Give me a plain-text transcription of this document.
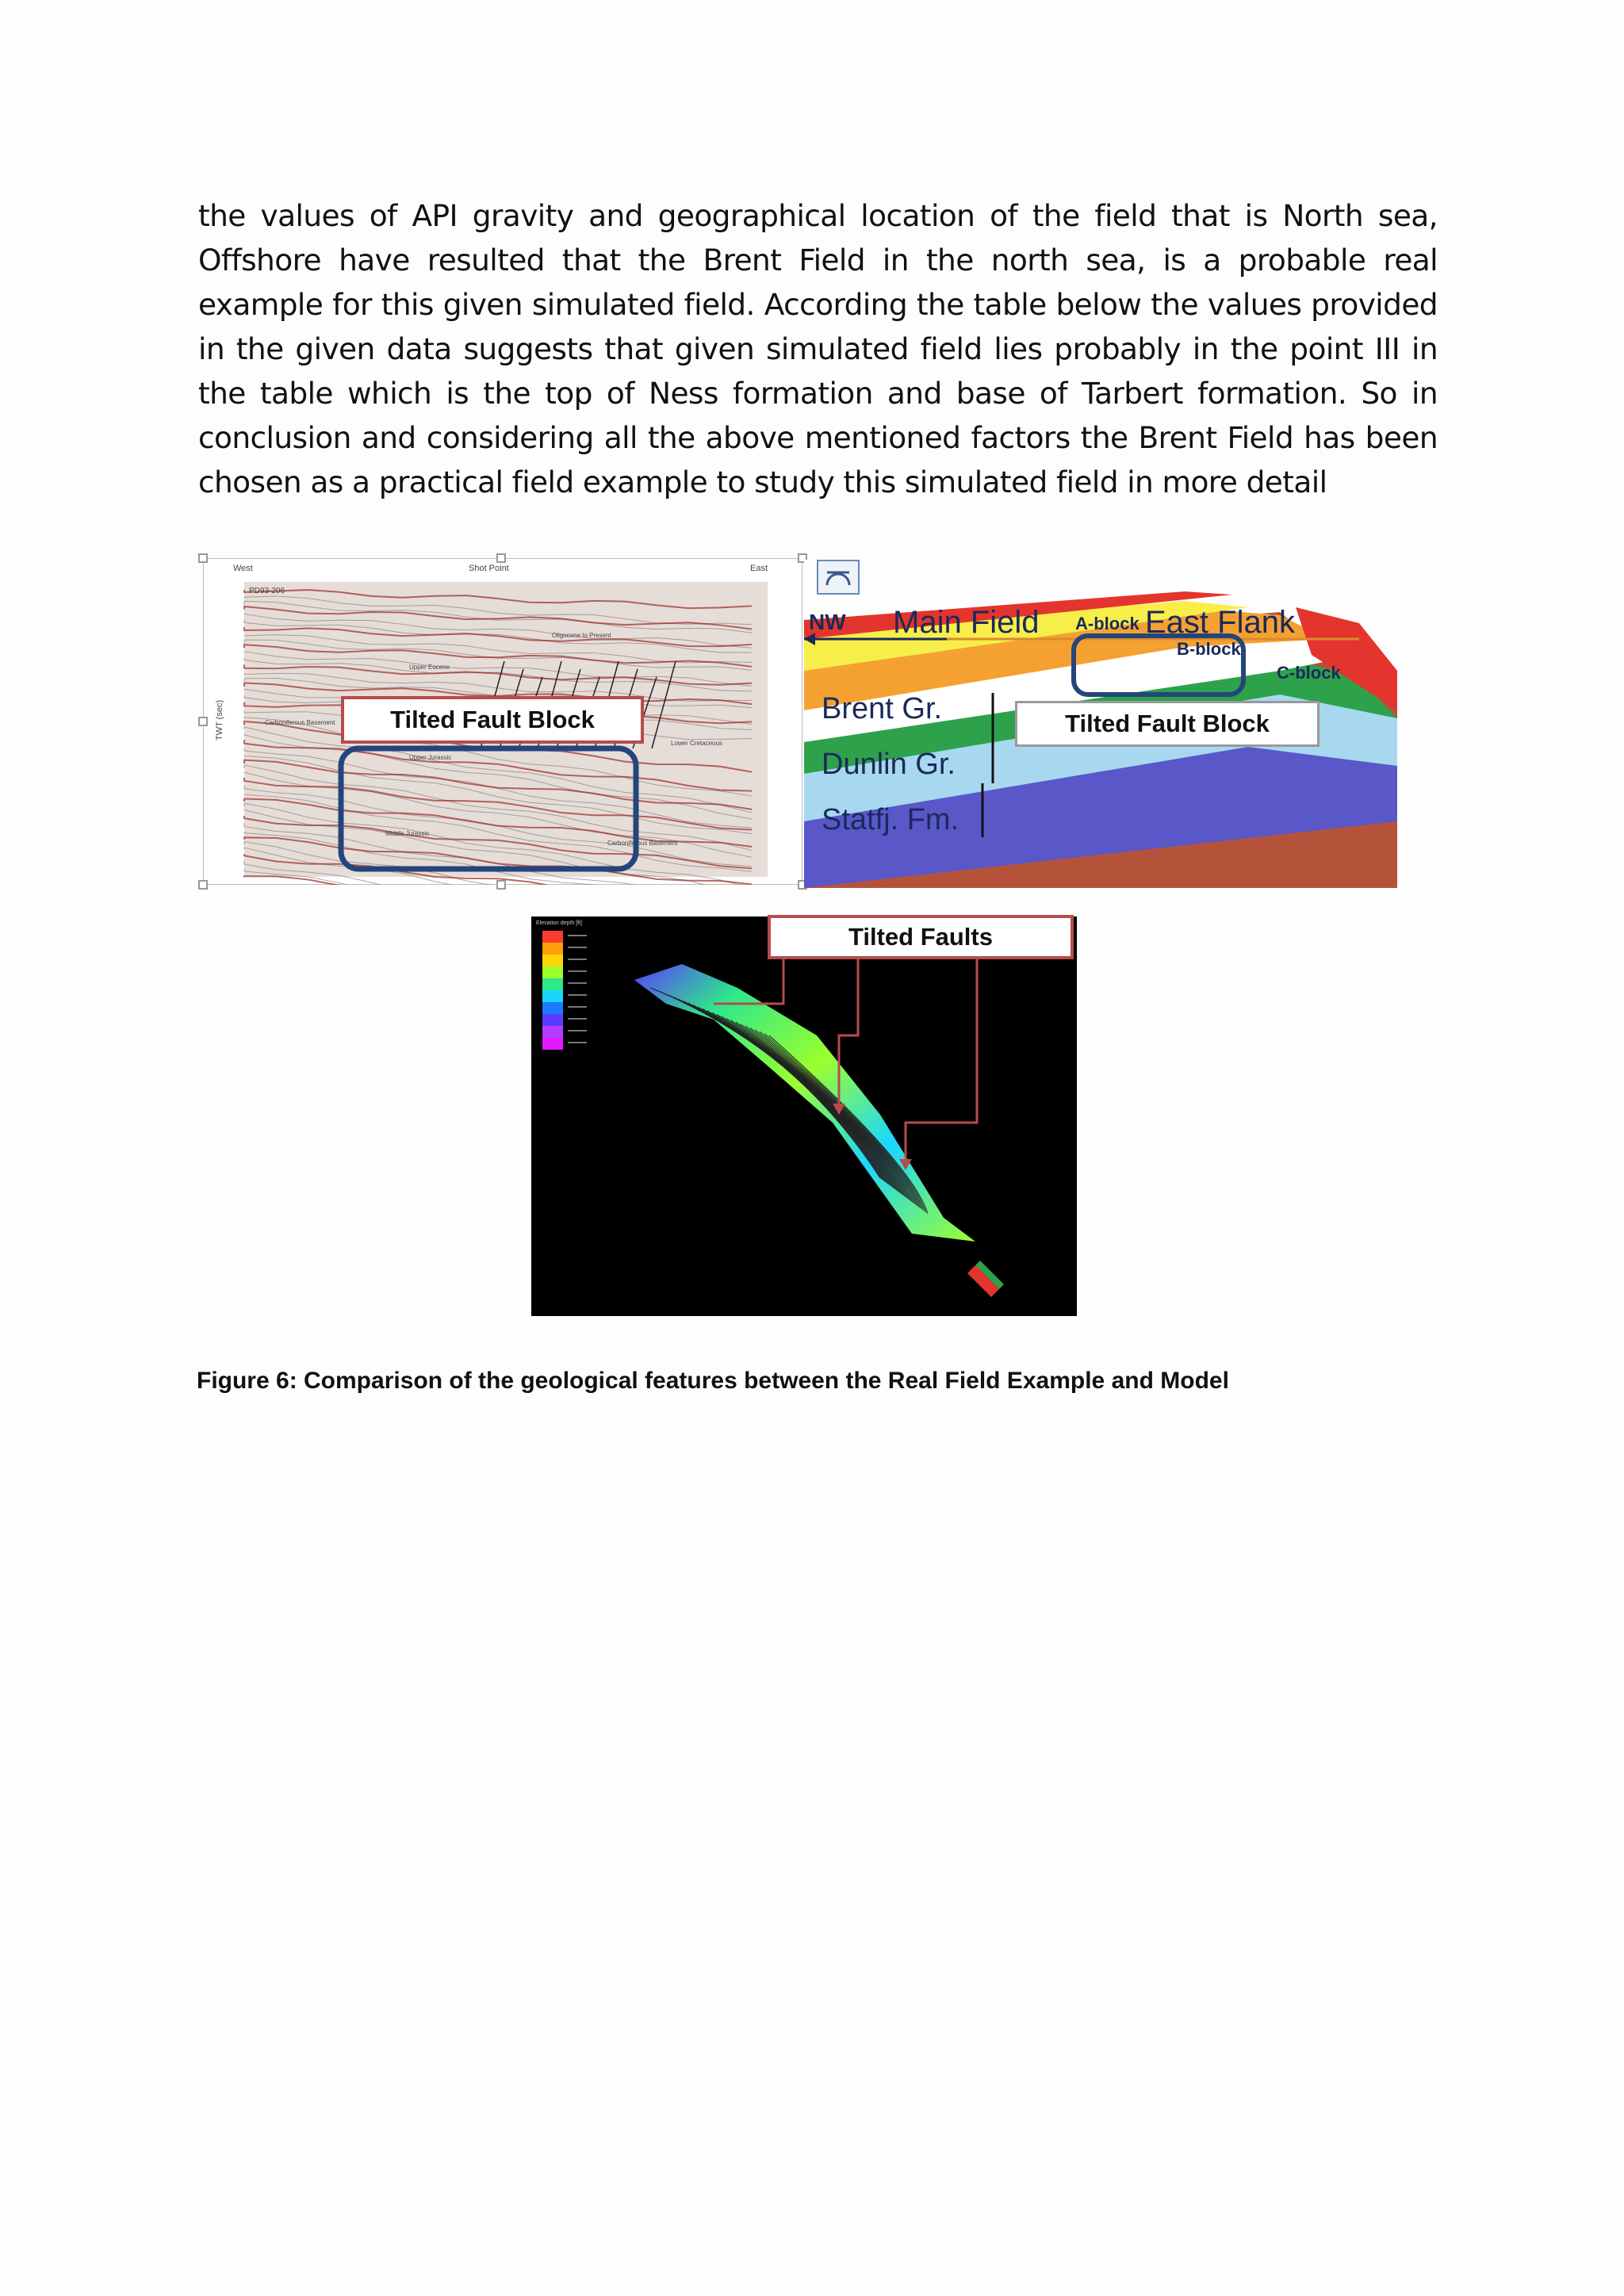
the values of API gravity and geographical location of the field that is North sea, Offshore have resulted that the Brent Field in the north sea, is a probable real example for this given simulated field. According the table below the values provided in the given data suggests that given simulated field lies probably in the point III in the table which is the top of Ness formation and base of Tarbert formation. So in conclusion and considering all the above mentioned factors the Brent Field has been chosen as a practical field example to study this simulated field in more detail

West	Shot Point	East
PD93-206
TWT (sec)
Oligocene to Present
Upper Eocene
Carboniferous Basement
Upper Jurassic
Lower Cretaceous
Middle Jurassic
Carboniferous Basement
Tilted Fault Block
NW Main Field A-block East Flank
B-block
C-block
Brent Gr.
Dunlin Gr.
Statfj. Fm.
Tilted Fault Block
Elevation depth [ft]	Tilted Faults
Figure 6: Comparison of the geological features between the Real Field Example and Model
